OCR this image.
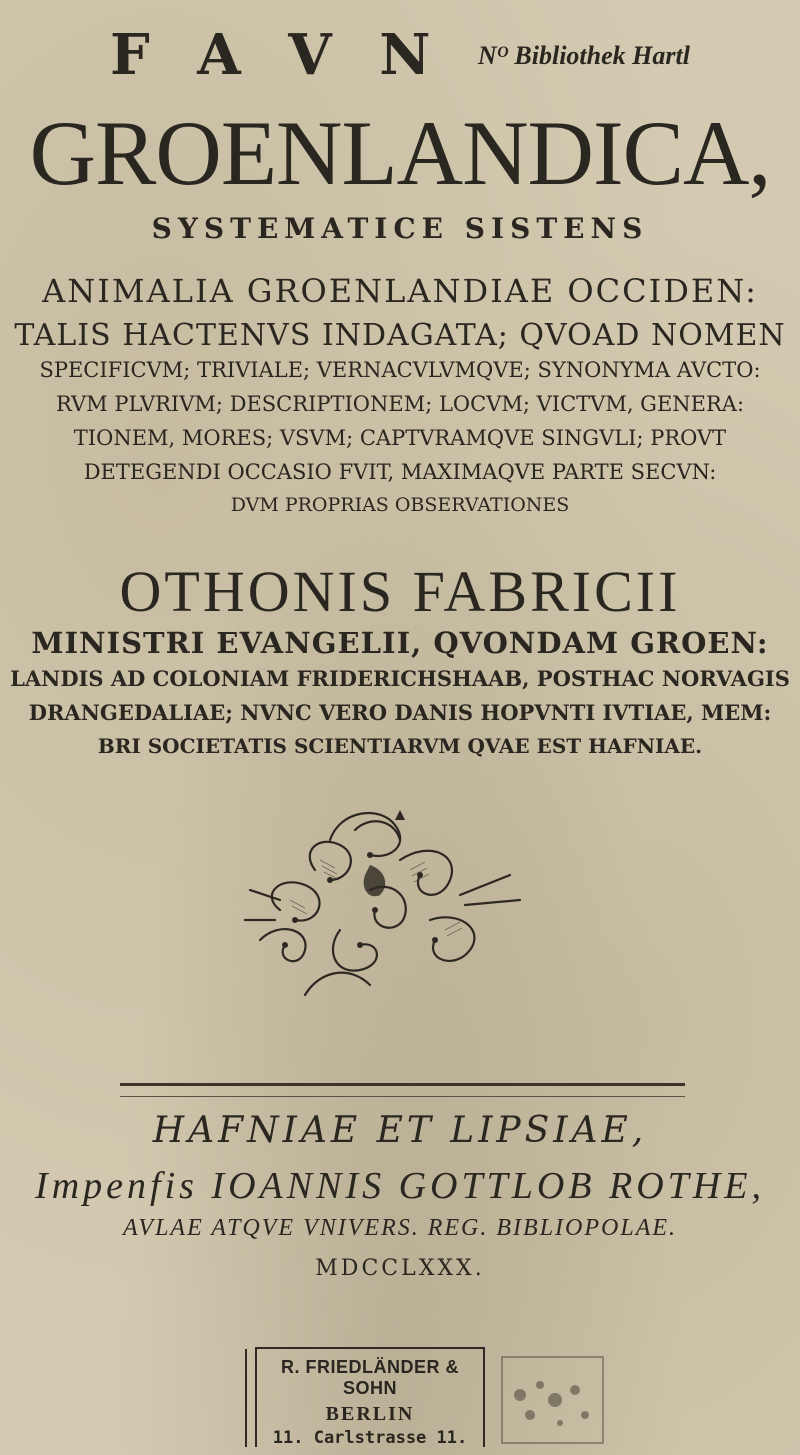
F A V N Nᴼ Bibliothek Hartl
GROENLANDICA,
SYSTEMATICE SISTENS
ANIMALIA GROENLANDIAE OCCIDEN:
TALIS HACTENVS INDAGATA; QVOAD NOMEN
SPECIFICVM; TRIVIALE; VERNACVLVMQVE; SYNONYMA AVCTO:
RVM PLVRIVM; DESCRIPTIONEM; LOCVM; VICTVM, GENERA:
TIONEM, MORES; VSVM; CAPTVRAMQVE SINGVLI; PROVT
DETEGENDI OCCASIO FVIT, MAXIMAQVE PARTE SECVN:
DVM PROPRIAS OBSERVATIONES
OTHONIS FABRICII
MINISTRI EVANGELII, QVONDAM GROEN:
LANDIS AD COLONIAM FRIDERICHSHAAB, POSTHAC NORVAGIS
DRANGEDALIAE; NVNC VERO DANIS HOPVNTI IVTIAE, MEM:
BRI SOCIETATIS SCIENTIARVM QVAE EST HAFNIAE.
HAFNIAE ET LIPSIAE,
Impenfis IOANNIS GOTTLOB ROTHE,
AVLAE ATQVE VNIVERS. REG. BIBLIOPOLAE.
MDCCLXXX.
R. FRIEDLÄNDER & SOHN
BERLIN
11. Carlstrasse 11.
